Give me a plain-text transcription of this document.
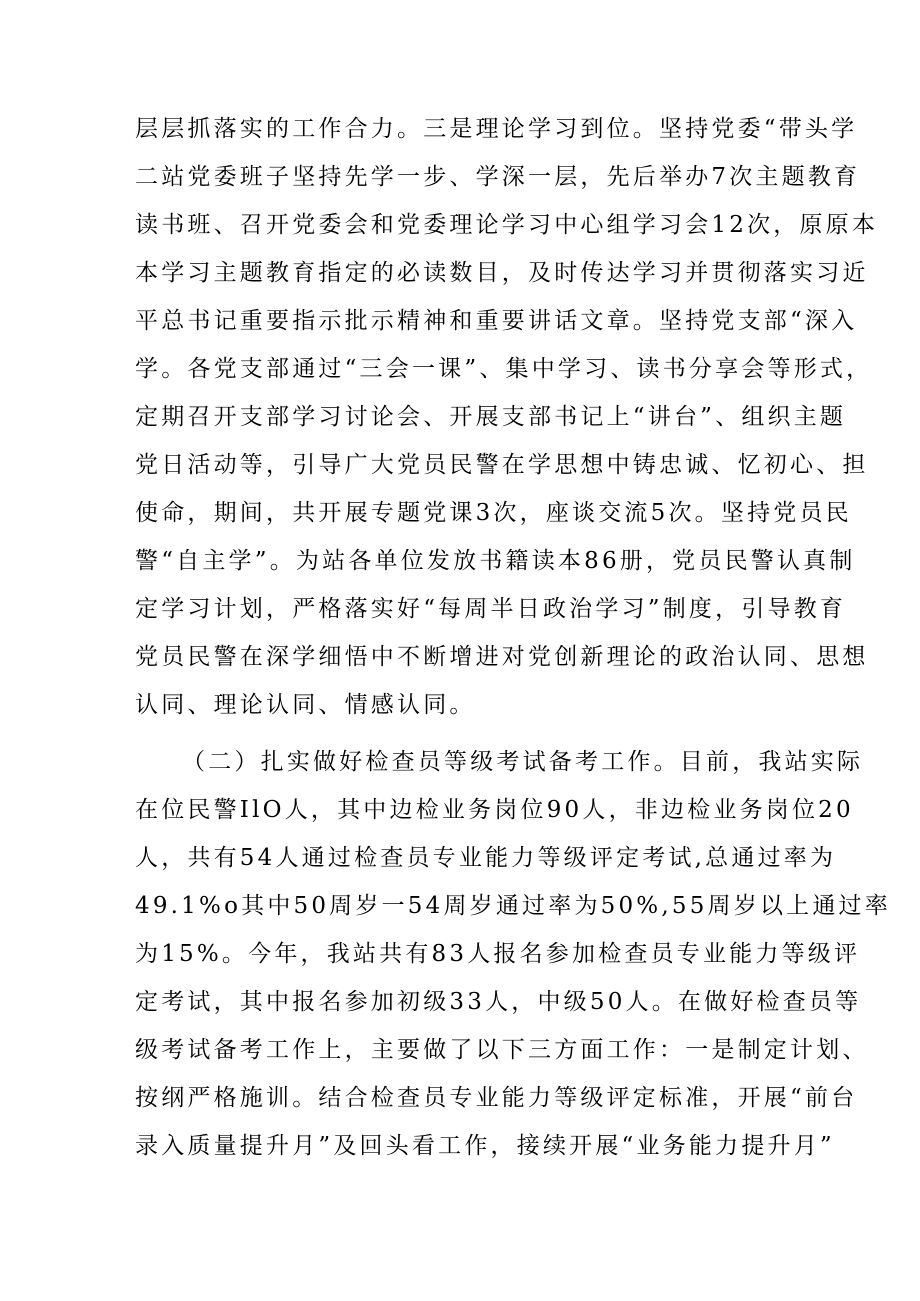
层层抓落实的工作合力。三是理论学习到位。坚持党委“带头学
二站党委班子坚持先学一步、学深一层，先后举办7次主题教育
读书班、召开党委会和党委理论学习中心组学习会12次，原原本
本学习主题教育指定的必读数目，及时传达学习并贯彻落实习近
平总书记重要指示批示精神和重要讲话文章。坚持党支部“深入
学。各党支部通过“三会一课”、集中学习、读书分享会等形式，
定期召开支部学习讨论会、开展支部书记上“讲台”、组织主题
党日活动等，引导广大党员民警在学思想中铸忠诚、忆初心、担
使命，期间，共开展专题党课3次，座谈交流5次。坚持党员民
警“自主学”。为站各单位发放书籍读本86册，党员民警认真制
定学习计划，严格落实好“每周半日政治学习”制度，引导教育
党员民警在深学细悟中不断增进对党创新理论的政治认同、思想
认同、理论认同、情感认同。
（二）扎实做好检查员等级考试备考工作。目前，我站实际
在位民警IlO人，其中边检业务岗位90人，非边检业务岗位20
人，共有54人通过检查员专业能力等级评定考试,总通过率为
49.1%o其中50周岁一54周岁通过率为50%,55周岁以上通过率
为15%。今年，我站共有83人报名参加检查员专业能力等级评
定考试，其中报名参加初级33人，中级50人。在做好检查员等
级考试备考工作上，主要做了以下三方面工作：一是制定计划、
按纲严格施训。结合检查员专业能力等级评定标准，开展“前台
录入质量提升月”及回头看工作，接续开展“业务能力提升月”
